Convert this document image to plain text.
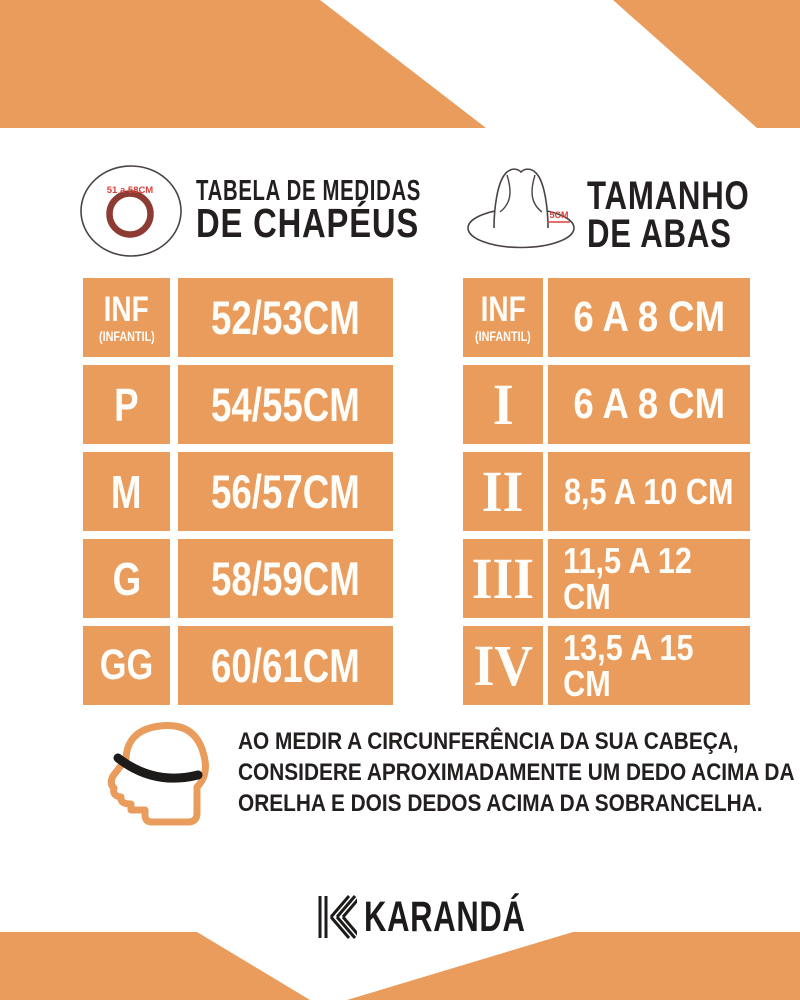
51 a 58CM TABELA DE MEDIDAS
DE CHAPÉUS	5CM TAMANHO
DE ABAS
INF
(INFANTIL) 52/53CM
P 54/55CM
M 56/57CM
G 58/59CM
GG 60/61CM
INF
(INFANTIL) 6 A 8 CM
I 6 A 8 CM
II 8,5 A 10 CM
III 11,5 A 12 CM
IV 13,5 A 15 CM
AO MEDIR A CIRCUNFERÊNCIA DA SUA CABEÇA,
CONSIDERE APROXIMADAMENTE UM DEDO ACIMA DA
ORELHA E DOIS DEDOS ACIMA DA SOBRANCELHA.
KARANDÁ
